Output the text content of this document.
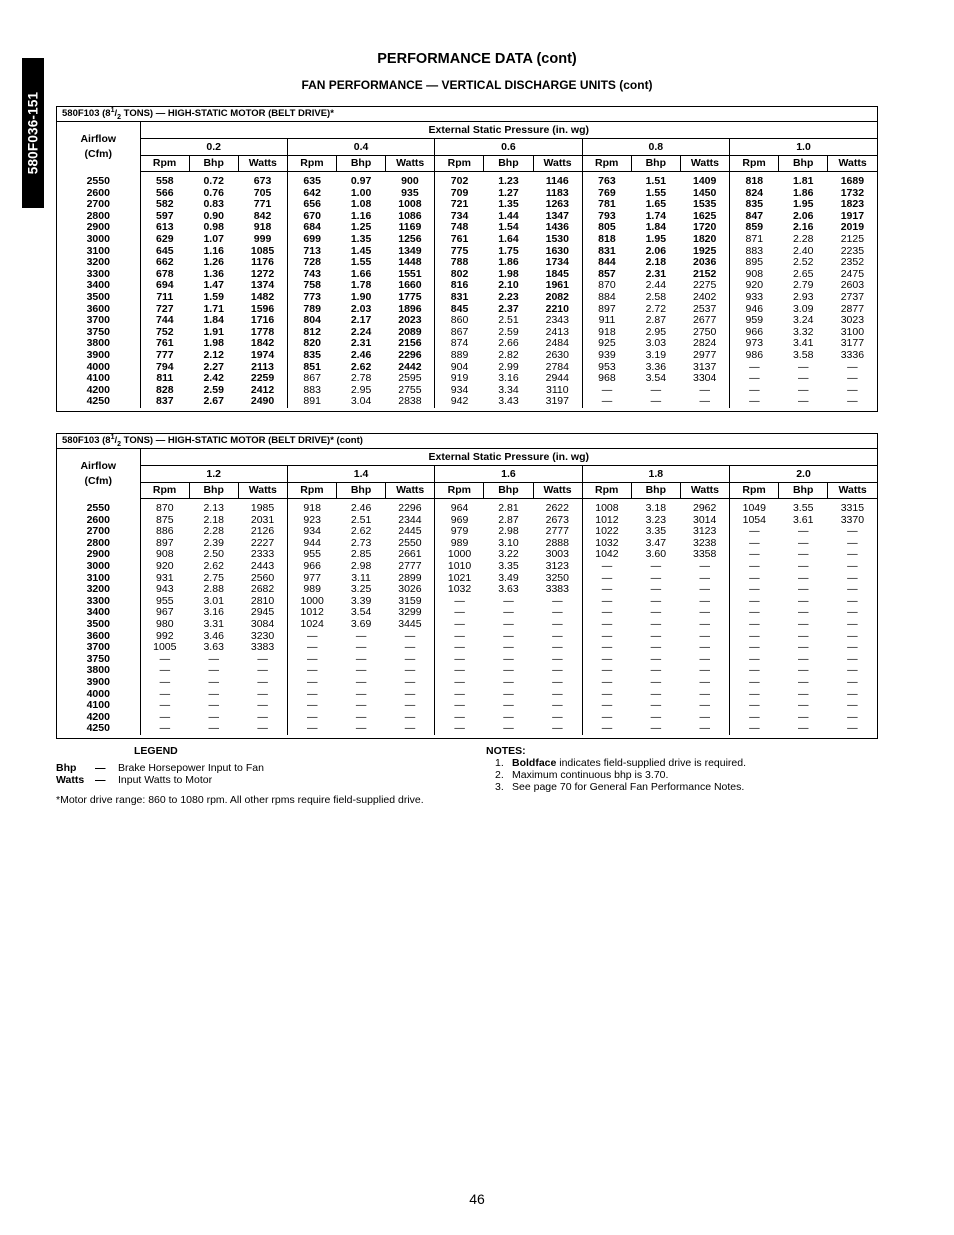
580F036-151
PERFORMANCE DATA (cont)
FAN PERFORMANCE — VERTICAL DISCHARGE UNITS (cont)
580F103 ($8^1/_2$ TONS) — HIGH-STATIC MOTOR (BELT DRIVE)*
Airflow
(Cfm)	External Static Pressure (in. wg)														
	0.2			0.4			0.6			0.8			1.0		
	Rpm	Bhp	Watts	Rpm	Bhp	Watts	Rpm	Bhp	Watts	Rpm	Bhp	Watts	Rpm	Bhp	Watts
2550	558	0.72	673	635	0.97	900	702	1.23	1146	763	1.51	1409	818	1.81	1689
2600	566	0.76	705	642	1.00	935	709	1.27	1183	769	1.55	1450	824	1.86	1732
2700	582	0.83	771	656	1.08	1008	721	1.35	1263	781	1.65	1535	835	1.95	1823
2800	597	0.90	842	670	1.16	1086	734	1.44	1347	793	1.74	1625	847	2.06	1917
2900	613	0.98	918	684	1.25	1169	748	1.54	1436	805	1.84	1720	859	2.16	2019
3000	629	1.07	999	699	1.35	1256	761	1.64	1530	818	1.95	1820	871	2.28	2125
3100	645	1.16	1085	713	1.45	1349	775	1.75	1630	831	2.06	1925	883	2.40	2235
3200	662	1.26	1176	728	1.55	1448	788	1.86	1734	844	2.18	2036	895	2.52	2352
3300	678	1.36	1272	743	1.66	1551	802	1.98	1845	857	2.31	2152	908	2.65	2475
3400	694	1.47	1374	758	1.78	1660	816	2.10	1961	870	2.44	2275	920	2.79	2603
3500	711	1.59	1482	773	1.90	1775	831	2.23	2082	884	2.58	2402	933	2.93	2737
3600	727	1.71	1596	789	2.03	1896	845	2.37	2210	897	2.72	2537	946	3.09	2877
3700	744	1.84	1716	804	2.17	2023	860	2.51	2343	911	2.87	2677	959	3.24	3023
3750	752	1.91	1778	812	2.24	2089	867	2.59	2413	918	2.95	2750	966	3.32	3100
3800	761	1.98	1842	820	2.31	2156	874	2.66	2484	925	3.03	2824	973	3.41	3177
3900	777	2.12	1974	835	2.46	2296	889	2.82	2630	939	3.19	2977	986	3.58	3336
4000	794	2.27	2113	851	2.62	2442	904	2.99	2784	953	3.36	3137	—	—	—
4100	811	2.42	2259	867	2.78	2595	919	3.16	2944	968	3.54	3304	—	—	—
4200	828	2.59	2412	883	2.95	2755	934	3.34	3110	—	—	—	—	—	—
4250	837	2.67	2490	891	3.04	2838	942	3.43	3197	—	—	—	—	—	—
580F103 ($8^1/_2$ TONS) — HIGH-STATIC MOTOR (BELT DRIVE)* (cont)
Airflow
(Cfm)	External Static Pressure (in. wg)														
	1.2			1.4			1.6			1.8			2.0		
	Rpm	Bhp	Watts	Rpm	Bhp	Watts	Rpm	Bhp	Watts	Rpm	Bhp	Watts	Rpm	Bhp	Watts
2550	870	2.13	1985	918	2.46	2296	964	2.81	2622	1008	3.18	2962	1049	3.55	3315
2600	875	2.18	2031	923	2.51	2344	969	2.87	2673	1012	3.23	3014	1054	3.61	3370
2700	886	2.28	2126	934	2.62	2445	979	2.98	2777	1022	3.35	3123	—	—	—
2800	897	2.39	2227	944	2.73	2550	989	3.10	2888	1032	3.47	3238	—	—	—
2900	908	2.50	2333	955	2.85	2661	1000	3.22	3003	1042	3.60	3358	—	—	—
3000	920	2.62	2443	966	2.98	2777	1010	3.35	3123	—	—	—	—	—	—
3100	931	2.75	2560	977	3.11	2899	1021	3.49	3250	—	—	—	—	—	—
3200	943	2.88	2682	989	3.25	3026	1032	3.63	3383	—	—	—	—	—	—
3300	955	3.01	2810	1000	3.39	3159	—	—	—	—	—	—	—	—	—
3400	967	3.16	2945	1012	3.54	3299	—	—	—	—	—	—	—	—	—
3500	980	3.31	3084	1024	3.69	3445	—	—	—	—	—	—	—	—	—
3600	992	3.46	3230	—	—	—	—	—	—	—	—	—	—	—	—
3700	1005	3.63	3383	—	—	—	—	—	—	—	—	—	—	—	—
3750	—	—	—	—	—	—	—	—	—	—	—	—	—	—	—
3800	—	—	—	—	—	—	—	—	—	—	—	—	—	—	—
3900	—	—	—	—	—	—	—	—	—	—	—	—	—	—	—
4000	—	—	—	—	—	—	—	—	—	—	—	—	—	—	—
4100	—	—	—	—	—	—	—	—	—	—	—	—	—	—	—
4200	—	—	—	—	—	—	—	—	—	—	—	—	—	—	—
4250	—	—	—	—	—	—	—	—	—	—	—	—	—	—	—
LEGEND
Bhp — Brake Horsepower Input to Fan
Watts — Input Watts to Motor
*Motor drive range: 860 to 1080 rpm. All other rpms require field-supplied drive.
NOTES:
1. Boldface indicates field-supplied drive is required.
2. Maximum continuous bhp is 3.70.
3. See page 70 for General Fan Performance Notes.
46
